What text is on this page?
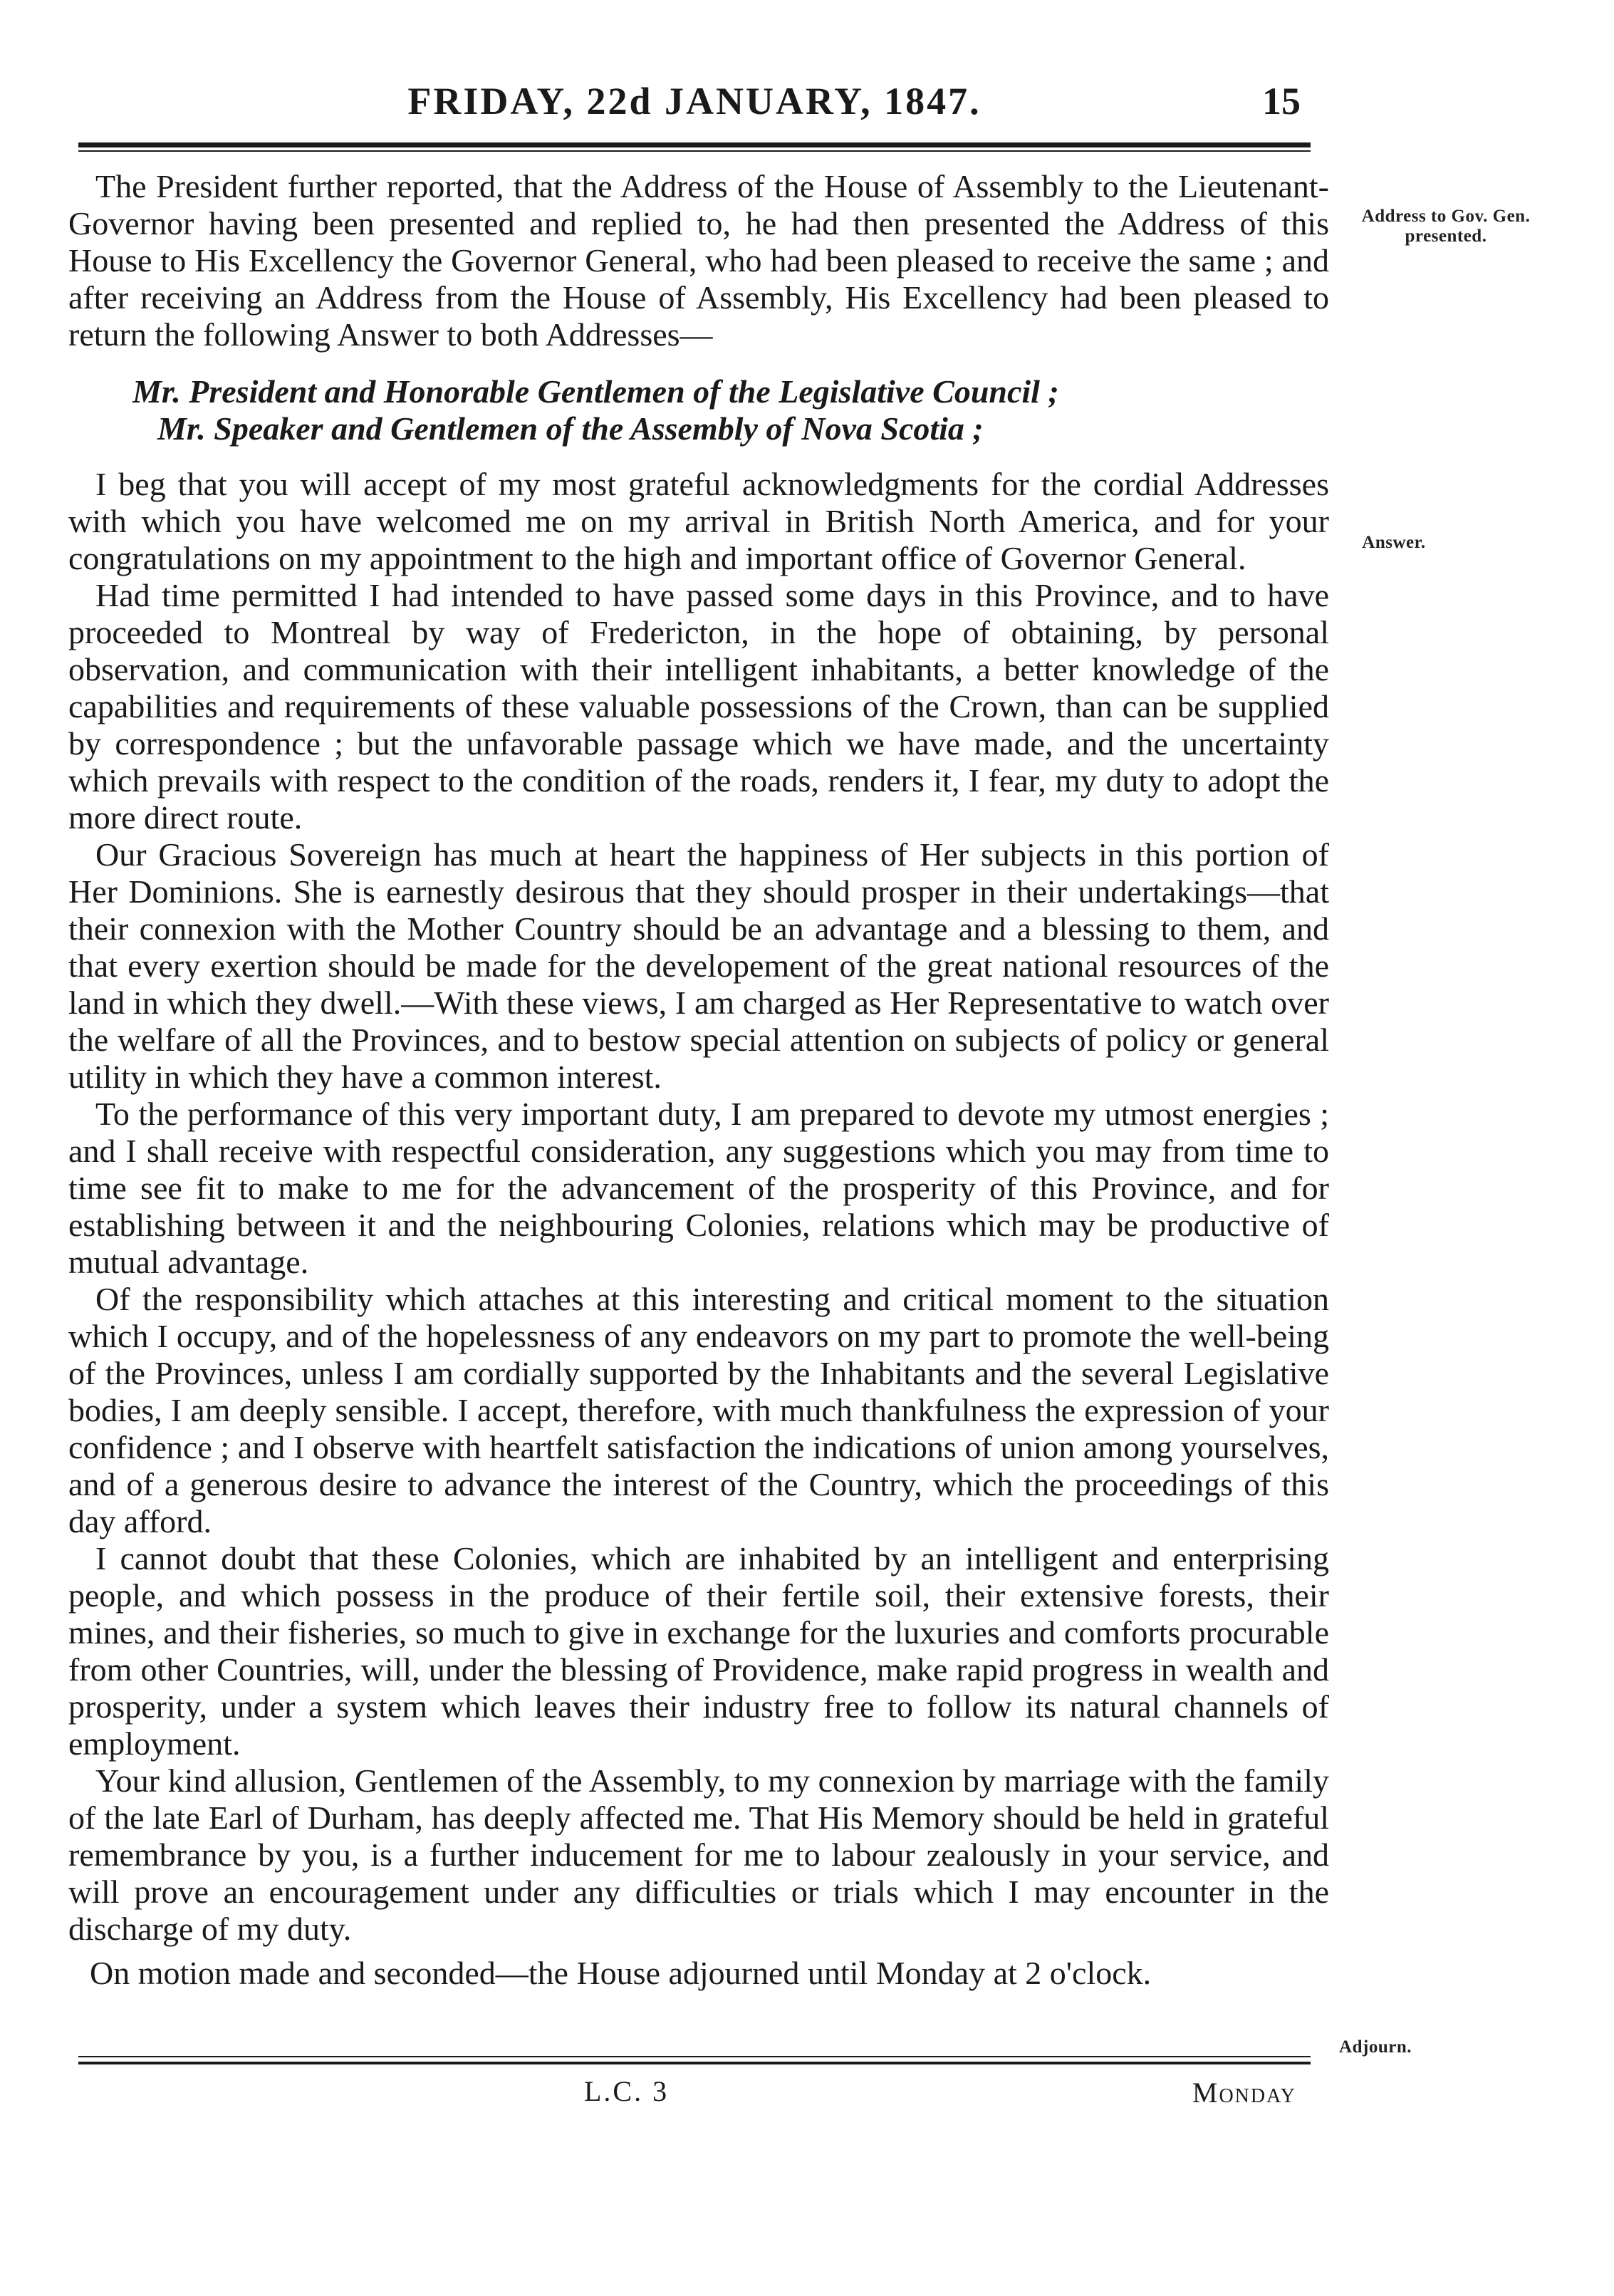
FRIDAY, 22d JANUARY, 1847.	15

The President further reported, that the Address of the House of Assembly to the Lieutenant-Governor having been presented and replied to, he had then presented the Address of this House to His Excellency the Governor General, who had been pleased to receive the same ; and after receiving an Address from the House of Assembly, His Excellency had been pleased to return the following Answer to both Addresses—

Mr. President and Honorable Gentlemen of the Legislative Council ;

Mr. Speaker and Gentlemen of the Assembly of Nova Scotia ;

I beg that you will accept of my most grateful acknowledgments for the cordial Addresses with which you have welcomed me on my arrival in British North America, and for your congratulations on my appointment to the high and important office of Governor General.

Had time permitted I had intended to have passed some days in this Province, and to have proceeded to Montreal by way of Fredericton, in the hope of obtaining, by personal observation, and communication with their intelligent inhabitants, a better knowledge of the capabilities and requirements of these valuable possessions of the Crown, than can be supplied by correspondence ; but the unfavorable passage which we have made, and the uncertainty which prevails with respect to the condition of the roads, renders it, I fear, my duty to adopt the more direct route.

Our Gracious Sovereign has much at heart the happiness of Her subjects in this portion of Her Dominions. She is earnestly desirous that they should prosper in their undertakings—that their connexion with the Mother Country should be an advantage and a blessing to them, and that every exertion should be made for the developement of the great national resources of the land in which they dwell.—With these views, I am charged as Her Representative to watch over the welfare of all the Provinces, and to bestow special attention on subjects of policy or general utility in which they have a common interest.

To the performance of this very important duty, I am prepared to devote my utmost energies ; and I shall receive with respectful consideration, any suggestions which you may from time to time see fit to make to me for the advancement of the prosperity of this Province, and for establishing between it and the neighbouring Colonies, relations which may be productive of mutual advantage.

Of the responsibility which attaches at this interesting and critical moment to the situation which I occupy, and of the hopelessness of any endeavors on my part to promote the well-being of the Provinces, unless I am cordially supported by the Inhabitants and the several Legislative bodies, I am deeply sensible. I accept, therefore, with much thankfulness the expression of your confidence ; and I observe with heartfelt satisfaction the indications of union among yourselves, and of a generous desire to advance the interest of the Country, which the proceedings of this day afford.

I cannot doubt that these Colonies, which are inhabited by an intelligent and enterprising people, and which possess in the produce of their fertile soil, their extensive forests, their mines, and their fisheries, so much to give in exchange for the luxuries and comforts procurable from other Countries, will, under the blessing of Providence, make rapid progress in wealth and prosperity, under a system which leaves their industry free to follow its natural channels of employment.

Your kind allusion, Gentlemen of the Assembly, to my connexion by marriage with the family of the late Earl of Durham, has deeply affected me. That His Memory should be held in grateful remembrance by you, is a further inducement for me to labour zealously in your service, and will prove an encouragement under any difficulties or trials which I may encounter in the discharge of my duty.

On motion made and seconded—the House adjourned until Monday at 2 o'clock.

Address to Gov. Gen. presented.
Answer.
Adjourn.
L.C. 3	Monday
